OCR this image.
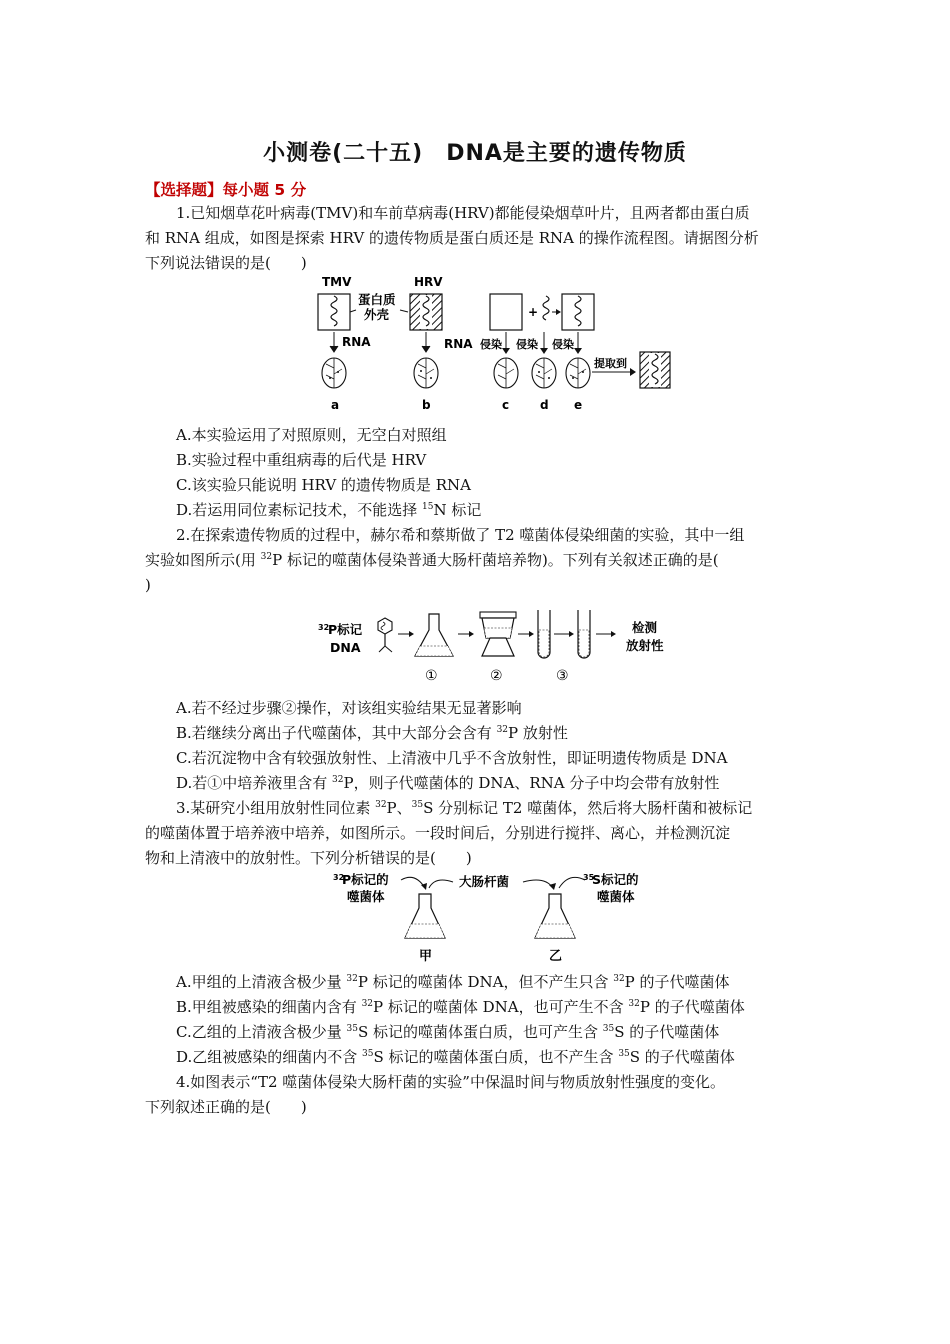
小测卷(二十五)　DNA是主要的遗传物质
【选择题】每小题 5 分
1.已知烟草花叶病毒(TMV)和车前草病毒(HRV)都能侵染烟草叶片，且两者都由蛋白质
和 RNA 组成，如图是探索 HRV 的遗传物质是蛋白质还是 RNA 的操作流程图。请据图分析
下列说法错误的是(　　)
TMV
蛋白质
外壳
RNA
HRV
RNA
+
侵染 侵染 侵染
提取到
a	b	c	d e
A.本实验运用了对照原则，无空白对照组
B.实验过程中重组病毒的后代是 HRV
C.该实验只能说明 HRV 的遗传物质是 RNA
D.若运用同位素标记技术，不能选择 $^{15}$N 标记
2.在探索遗传物质的过程中，赫尔希和蔡斯做了 T2 噬菌体侵染细菌的实验，其中一组
实验如图所示(用 $^{32}$P 标记的噬菌体侵染普通大肠杆菌培养物)。下列有关叙述正确的是(
)
32
P标记
DNA
检测
放射性
①	②	③
A.若不经过步骤②操作，对该组实验结果无显著影响
B.若继续分离出子代噬菌体，其中大部分会含有 $^{32}$P 放射性
C.若沉淀物中含有较强放射性、上清液中几乎不含放射性，即证明遗传物质是 DNA
D.若①中培养液里含有 $^{32}$P，则子代噬菌体的 DNA、RNA 分子中均会带有放射性
3.某研究小组用放射性同位素 $^{32}$P、$^{35}$S 分别标记 T2 噬菌体，然后将大肠杆菌和被标记
的噬菌体置于培养液中培养，如图所示。一段时间后，分别进行搅拌、离心，并检测沉淀
物和上清液中的放射性。下列分析错误的是(　　)
32
P标记的
噬菌体
大肠杆菌	35
S标记的
噬菌体
甲	乙
A.甲组的上清液含极少量 $^{32}$P 标记的噬菌体 DNA，但不产生只含 $^{32}$P 的子代噬菌体
B.甲组被感染的细菌内含有 $^{32}$P 标记的噬菌体 DNA，也可产生不含 $^{32}$P 的子代噬菌体
C.乙组的上清液含极少量 $^{35}$S 标记的噬菌体蛋白质，也可产生含 $^{35}$S 的子代噬菌体
D.乙组被感染的细菌内不含 $^{35}$S 标记的噬菌体蛋白质，也不产生含 $^{35}$S 的子代噬菌体
4.如图表示“T2 噬菌体侵染大肠杆菌的实验”中保温时间与物质放射性强度的变化。
下列叙述正确的是(　　)
